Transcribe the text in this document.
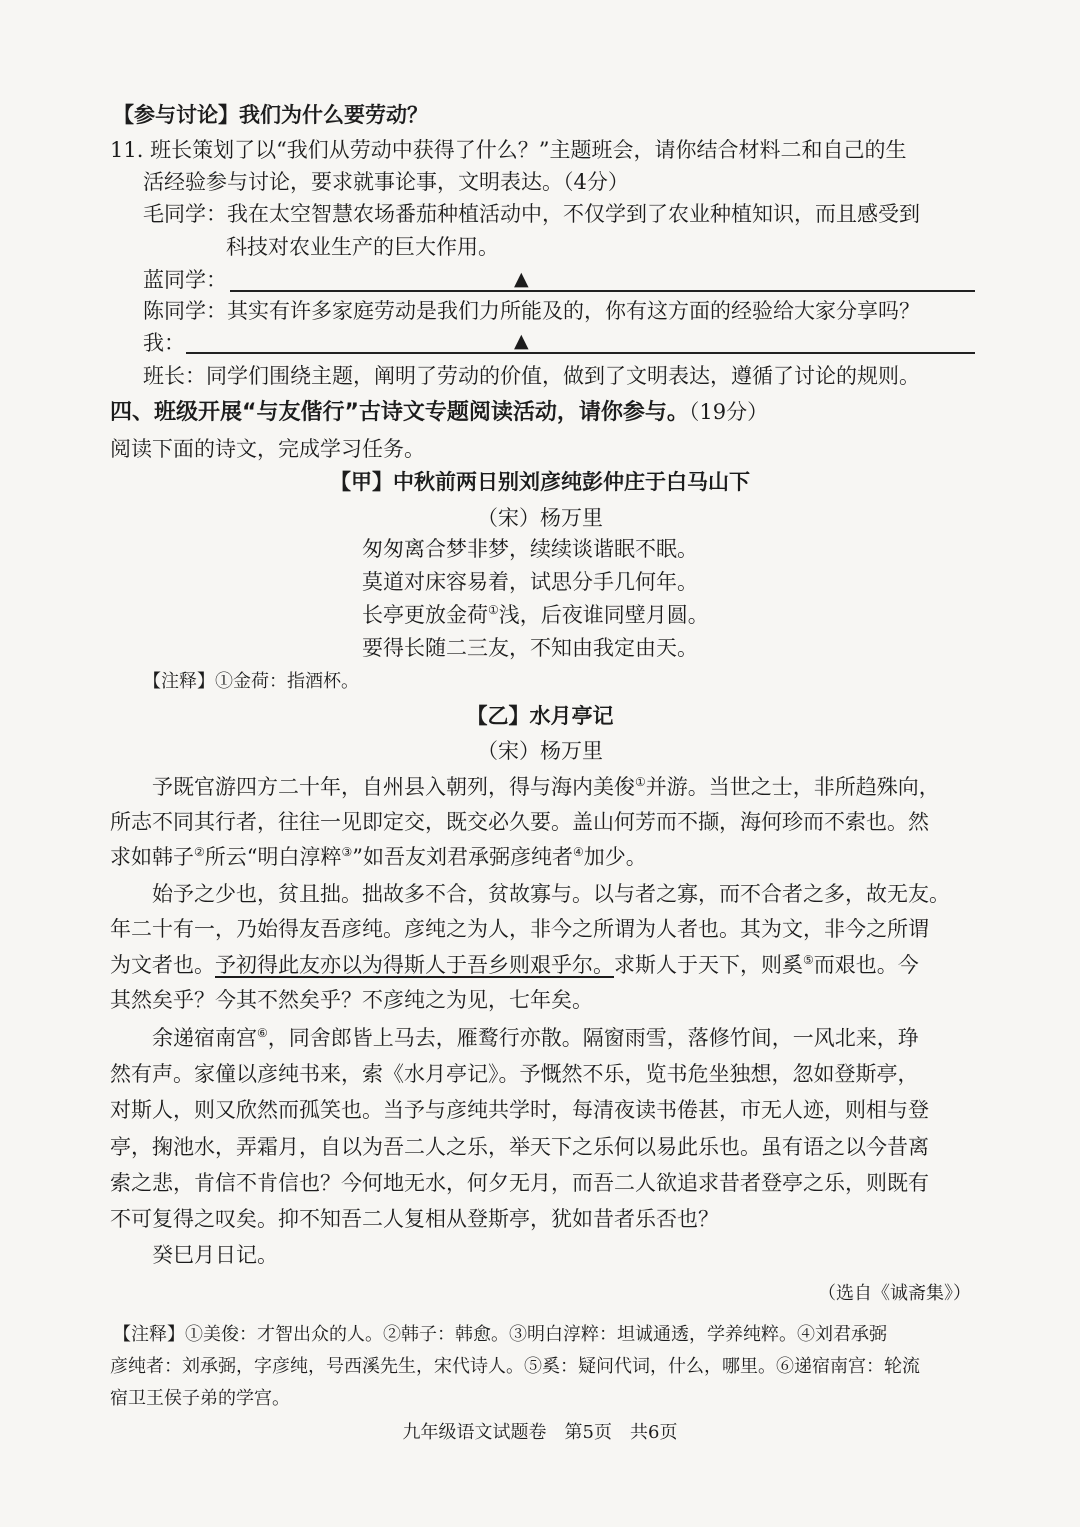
【参与讨论】我们为什么要劳动？
11. 班长策划了以“我们从劳动中获得了什么？”主题班会，请你结合材料二和自己的生
活经验参与讨论，要求就事论事，文明表达。（4分）
毛同学：我在太空智慧农场番茄种植活动中，不仅学到了农业种植知识，而且感受到
科技对农业生产的巨大作用。
蓝同学：	▲
陈同学：其实有许多家庭劳动是我们力所能及的，你有这方面的经验给大家分享吗？
我：	▲
班长：同学们围绕主题，阐明了劳动的价值，做到了文明表达，遵循了讨论的规则。
四、班级开展“与友偕行”古诗文专题阅读活动，请你参与。（19分）
阅读下面的诗文，完成学习任务。
【甲】中秋前两日别刘彦纯彭仲庄于白马山下
（宋）杨万里
匆匆离合梦非梦，续续谈谐眠不眠。
莫道对床容易着，试思分手几何年。
长亭更放金荷①浅，后夜谁同壁月圆。
要得长随二三友，不知由我定由天。
【注释】①金荷：指酒杯。
【乙】水月亭记
（宋）杨万里
予既官游四方二十年，自州县入朝列，得与海内美俊①并游。当世之士，非所趋殊向，
所志不同其行者，往往一见即定交，既交必久要。盖山何芳而不撷，海何珍而不索也。然
求如韩子②所云“明白淳粹③”如吾友刘君承弼彦纯者④加少。
始予之少也，贫且拙。拙故多不合，贫故寡与。以与者之寡，而不合者之多，故无友。
年二十有一，乃始得友吾彦纯。彦纯之为人，非今之所谓为人者也。其为文，非今之所谓
为文者也。予初得此友亦以为得斯人于吾乡则艰乎尔。求斯人于天下，则奚⑤而艰也。今
其然矣乎？今其不然矣乎？不彦纯之为见，七年矣。
余递宿南宫⑥，同舍郎皆上马去，雁鹜行亦散。隔窗雨雪，落修竹间，一风北来，琤
然有声。家僮以彦纯书来，索《水月亭记》。予慨然不乐，览书危坐独想，忽如登斯亭，
对斯人，则又欣然而孤笑也。当予与彦纯共学时，每清夜读书倦甚，市无人迹，则相与登
亭，掬池水，弄霜月，自以为吾二人之乐，举天下之乐何以易此乐也。虽有语之以今昔离
索之悲，肯信不肯信也？今何地无水，何夕无月，而吾二人欲追求昔者登亭之乐，则既有
不可复得之叹矣。抑不知吾二人复相从登斯亭，犹如昔者乐否也？
癸巳月日记。
（选自《诚斋集》）
【注释】①美俊：才智出众的人。②韩子：韩愈。③明白淳粹：坦诚通透，学养纯粹。④刘君承弼
彦纯者：刘承弼，字彦纯，号西溪先生，宋代诗人。⑤奚：疑问代词，什么，哪里。⑥递宿南宫：轮流
宿卫王侯子弟的学宫。
九年级语文试题卷　第5页　共6页
